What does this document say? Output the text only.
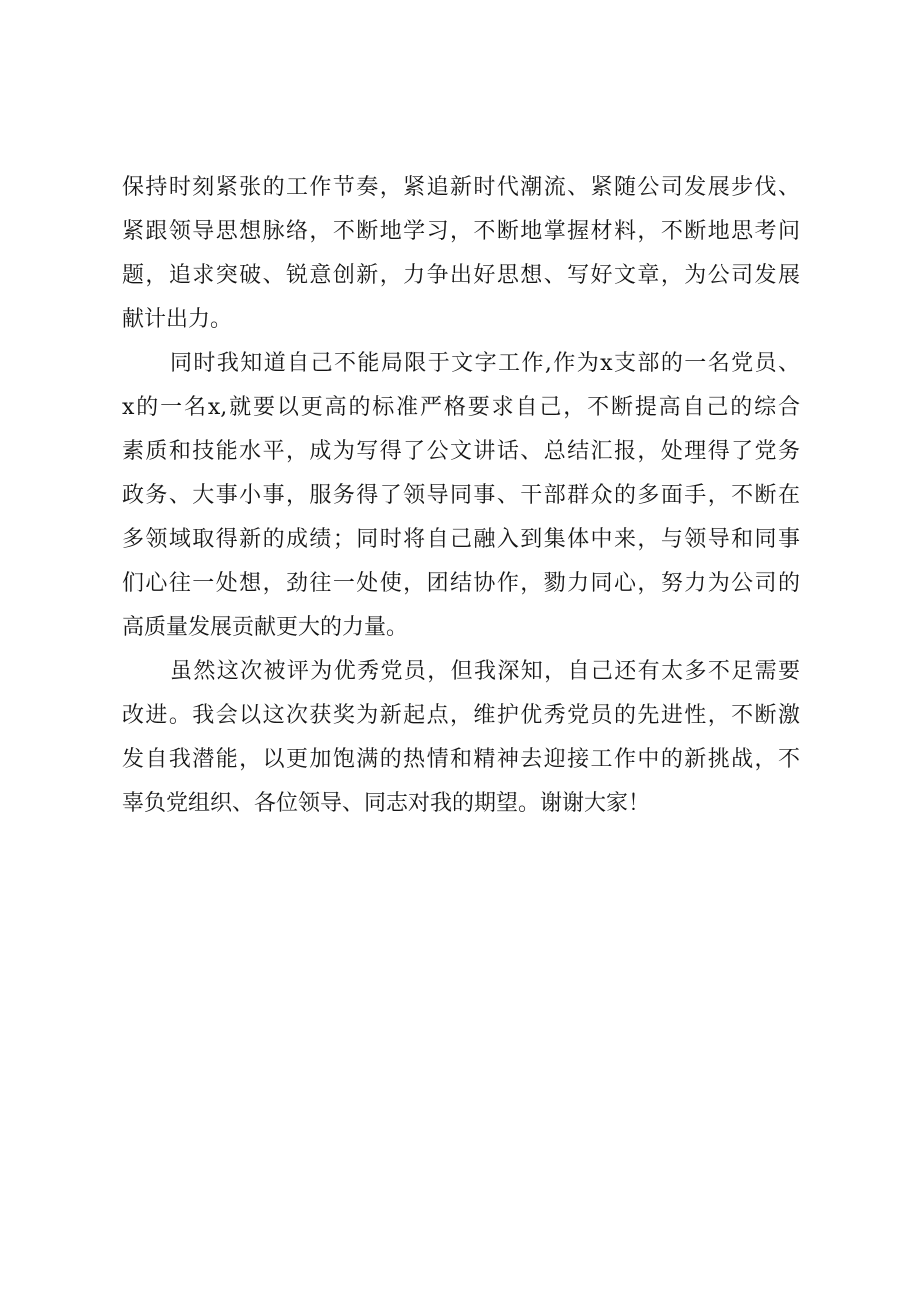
保持时刻紧张的工作节奏，紧追新时代潮流、紧随公司发展步伐、
紧跟领导思想脉络，不断地学习，不断地掌握材料，不断地思考问
题，追求突破、锐意创新，力争出好思想、写好文章，为公司发展
献计出力。
同时我知道自己不能局限于文字工作,作为x支部的一名党员、
x的一名x,就要以更高的标准严格要求自己，不断提高自己的综合
素质和技能水平，成为写得了公文讲话、总结汇报，处理得了党务
政务、大事小事，服务得了领导同事、干部群众的多面手，不断在
多领域取得新的成绩；同时将自己融入到集体中来，与领导和同事
们心往一处想，劲往一处使，团结协作，勠力同心，努力为公司的
高质量发展贡献更大的力量。
虽然这次被评为优秀党员，但我深知，自己还有太多不足需要
改进。我会以这次获奖为新起点，维护优秀党员的先进性，不断激
发自我潜能，以更加饱满的热情和精神去迎接工作中的新挑战，不
辜负党组织、各位领导、同志对我的期望。谢谢大家！
